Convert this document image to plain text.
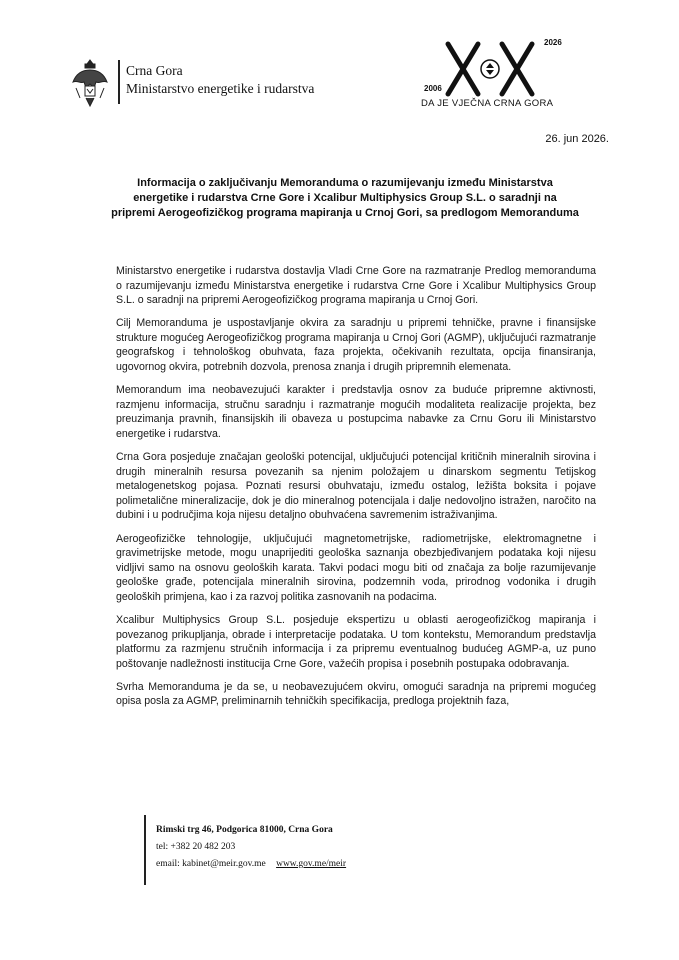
Crna Gora
Ministarstvo energetike i rudarstva	2006
2026
DA JE VJEČNA CRNA GORA
26. jun 2026.
Informacija o zaključivanju Memoranduma o razumijevanju između Ministarstva energetike i rudarstva Crne Gore i Xcalibur Multiphysics Group S.L. o saradnji na pripremi Aerogeofizičkog programa mapiranja u Crnoj Gori, sa predlogom Memoranduma

Ministarstvo energetike i rudarstva dostavlja Vladi Crne Gore na razmatranje Predlog memoranduma o razumijevanju između Ministarstva energetike i rudarstva Crne Gore i Xcalibur Multiphysics Group S.L. o saradnji na pripremi Aerogeofizičkog programa mapiranja u Crnoj Gori.

Cilj Memoranduma je uspostavljanje okvira za saradnju u pripremi tehničke, pravne i finansijske strukture mogućeg Aerogeofizičkog programa mapiranja u Crnoj Gori (AGMP), uključujući razmatranje geografskog i tehnološkog obuhvata, faza projekta, očekivanih rezultata, opcija finansiranja, ugovornog okvira, potrebnih dozvola, prenosa znanja i drugih pripremnih elemenata.

Memorandum ima neobavezujući karakter i predstavlja osnov za buduće pripremne aktivnosti, razmjenu informacija, stručnu saradnju i razmatranje mogućih modaliteta realizacije projekta, bez preuzimanja pravnih, finansijskih ili obaveza u postupcima nabavke za Crnu Goru ili Ministarstvo energetike i rudarstva.

Crna Gora posjeduje značajan geološki potencijal, uključujući potencijal kritičnih mineralnih sirovina i drugih mineralnih resursa povezanih sa njenim položajem u dinarskom segmentu Tetijskog metalogenetskog pojasa. Poznati resursi obuhvataju, između ostalog, ležišta boksita i pojave polimetalične mineralizacije, dok je dio mineralnog potencijala i dalje nedovoljno istražen, naročito na dubini i u područjima koja nijesu detaljno obuhvaćena savremenim istraživanjima.

Aerogeofizičke tehnologije, uključujući magnetometrijske, radiometrijske, elektromagnetne i gravimetrijske metode, mogu unaprijediti geološka saznanja obezbjeđivanjem podataka koji nijesu vidljivi samo na osnovu geoloških karata. Takvi podaci mogu biti od značaja za bolje razumijevanje geološke građe, potencijala mineralnih sirovina, podzemnih voda, prirodnog vodonika i drugih geoloških primjena, kao i za razvoj politika zasnovanih na podacima.

Xcalibur Multiphysics Group S.L. posjeduje ekspertizu u oblasti aerogeofizičkog mapiranja i povezanog prikupljanja, obrade i interpretacije podataka. U tom kontekstu, Memorandum predstavlja platformu za razmjenu stručnih informacija i za pripremu eventualnog budućeg AGMP-a, uz puno poštovanje nadležnosti institucija Crne Gore, važećih propisa i posebnih postupaka odobravanja.

Svrha Memoranduma je da se, u neobavezujućem okviru, omogući saradnja na pripremi mogućeg opisa posla za AGMP, preliminarnih tehničkih specifikacija, predloga projektnih faza,

Rimski trg 46, Podgorica 81000, Crna Gora
tel: +382 20 482 203
email: kabinet@meir.gov.me www.gov.me/meir
